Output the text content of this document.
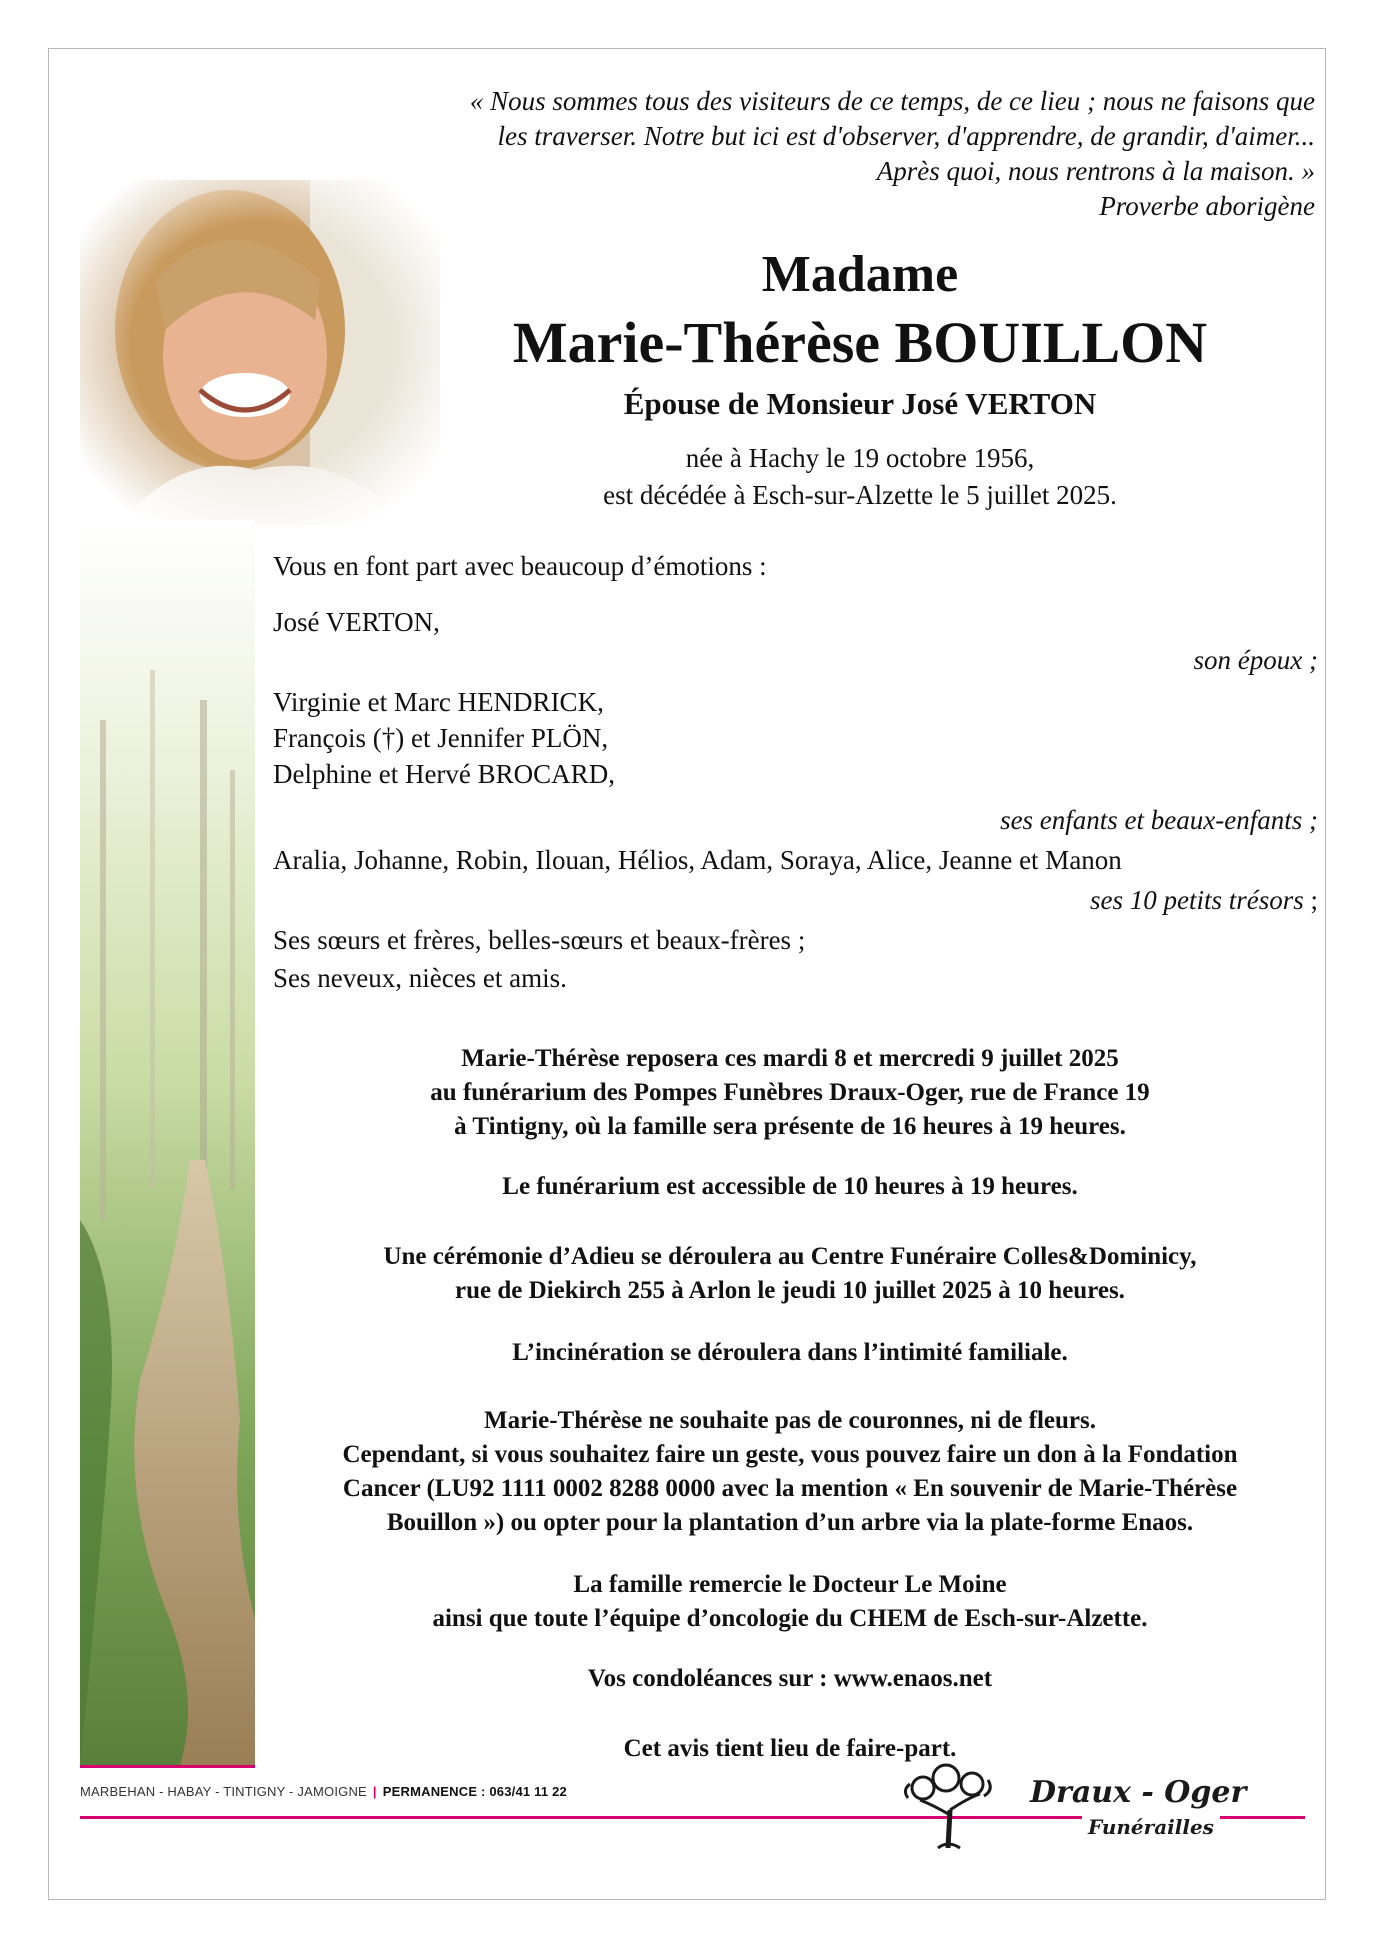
« Nous sommes tous des visiteurs de ce temps, de ce lieu ; nous ne faisons que
les traverser. Notre but ici est d'observer, d'apprendre, de grandir, d'aimer...
Après quoi, nous rentrons à la maison. »
Proverbe aborigène
Madame
Marie-Thérèse BOUILLON
Épouse de Monsieur José VERTON
née à Hachy le 19 octobre 1956,
est décédée à Esch-sur-Alzette le 5 juillet 2025.
Vous en font part avec beaucoup d’émotions :
José VERTON,
son époux ;
Virginie et Marc HENDRICK,
François (†) et Jennifer PLÖN,
Delphine et Hervé BROCARD,
ses enfants et beaux-enfants ;
Aralia, Johanne, Robin, Ilouan, Hélios, Adam, Soraya, Alice, Jeanne et Manon
ses 10 petits trésors ;
Ses sœurs et frères, belles-sœurs et beaux-frères ;
Ses neveux, nièces et amis.
Marie-Thérèse reposera ces mardi 8 et mercredi 9 juillet 2025
au funérarium des Pompes Funèbres Draux-Oger, rue de France 19
à Tintigny, où la famille sera présente de 16 heures à 19 heures.
Le funérarium est accessible de 10 heures à 19 heures.
Une cérémonie d’Adieu se déroulera au Centre Funéraire Colles&Dominicy,
rue de Diekirch 255 à Arlon le jeudi 10 juillet 2025 à 10 heures.
L’incinération se déroulera dans l’intimité familiale.
Marie-Thérèse ne souhaite pas de couronnes, ni de fleurs.
Cependant, si vous souhaitez faire un geste, vous pouvez faire un don à la Fondation
Cancer (LU92 1111 0002 8288 0000 avec la mention « En souvenir de Marie-Thérèse
Bouillon ») ou opter pour la plantation d’un arbre via la plate-forme Enaos.
La famille remercie le Docteur Le Moine
ainsi que toute l’équipe d’oncologie du CHEM de Esch-sur-Alzette.
Vos condoléances sur : www.enaos.net
Cet avis tient lieu de faire-part.
MARBEHAN - HABAY - TINTIGNY - JAMOIGNE | PERMANENCE : 063/41 11 22	Draux - Oger
Funérailles
